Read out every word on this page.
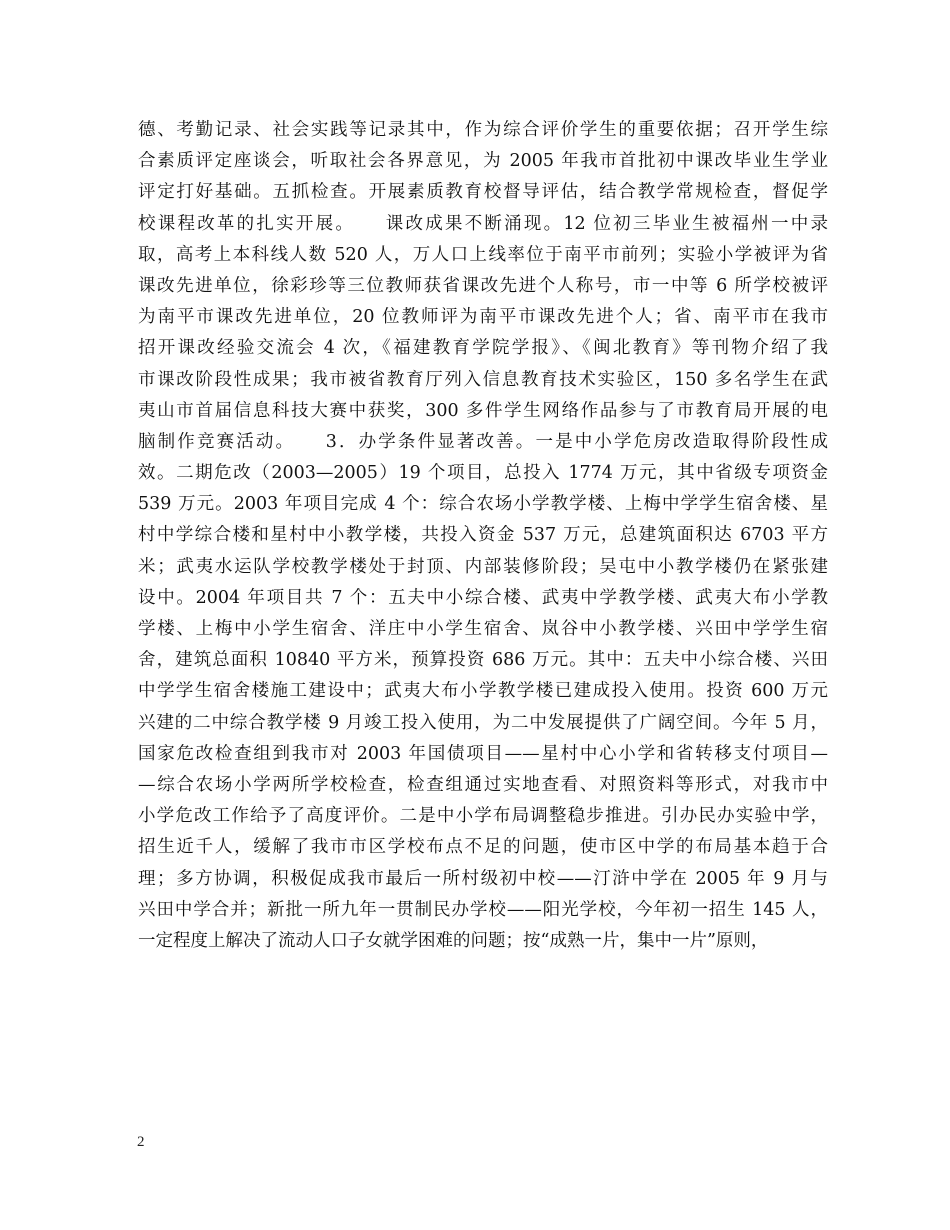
德、考勤记录、社会实践等记录其中，作为综合评价学生的重要依据；召开学生综
合素质评定座谈会，听取社会各界意见，为 2005 年我市首批初中课改毕业生学业
评定打好基础。五抓检查。开展素质教育校督导评估，结合教学常规检查，督促学
校课程改革的扎实开展。　　课改成果不断涌现。12 位初三毕业生被福州一中录
取，高考上本科线人数 520 人，万人口上线率位于南平市前列；实验小学被评为省
课改先进单位，徐彩珍等三位教师获省课改先进个人称号，市一中等 6 所学校被评
为南平市课改先进单位，20 位教师评为南平市课改先进个人；省、南平市在我市
招开课改经验交流会 4 次，《福建教育学院学报》、《闽北教育》等刊物介绍了我
市课改阶段性成果；我市被省教育厅列入信息教育技术实验区，150 多名学生在武
夷山市首届信息科技大赛中获奖，300 多件学生网络作品参与了市教育局开展的电
脑制作竞赛活动。　　3．办学条件显著改善。一是中小学危房改造取得阶段性成
效。二期危改（2003—2005）19 个项目，总投入 1774 万元，其中省级专项资金
539 万元。2003 年项目完成 4 个：综合农场小学教学楼、上梅中学学生宿舍楼、星
村中学综合楼和星村中小教学楼，共投入资金 537 万元，总建筑面积达 6703 平方
米；武夷水运队学校教学楼处于封顶、内部装修阶段；吴屯中小教学楼仍在紧张建
设中。2004 年项目共 7 个：五夫中小综合楼、武夷中学教学楼、武夷大布小学教
学楼、上梅中小学生宿舍、洋庄中小学生宿舍、岚谷中小教学楼、兴田中学学生宿
舍，建筑总面积 10840 平方米，预算投资 686 万元。其中：五夫中小综合楼、兴田
中学学生宿舍楼施工建设中；武夷大布小学教学楼已建成投入使用。投资 600 万元
兴建的二中综合教学楼 9 月竣工投入使用，为二中发展提供了广阔空间。今年 5 月，
国家危改检查组到我市对 2003 年国债项目——星村中心小学和省转移支付项目—
—综合农场小学两所学校检查，检查组通过实地查看、对照资料等形式，对我市中
小学危改工作给予了高度评价。二是中小学布局调整稳步推进。引办民办实验中学，
招生近千人，缓解了我市市区学校布点不足的问题，使市区中学的布局基本趋于合
理；多方协调，积极促成我市最后一所村级初中校——汀浒中学在 2005 年 9 月与
兴田中学合并；新批一所九年一贯制民办学校——阳光学校，今年初一招生 145 人，
一定程度上解决了流动人口子女就学困难的问题；按“成熟一片，集中一片”原则，
2
